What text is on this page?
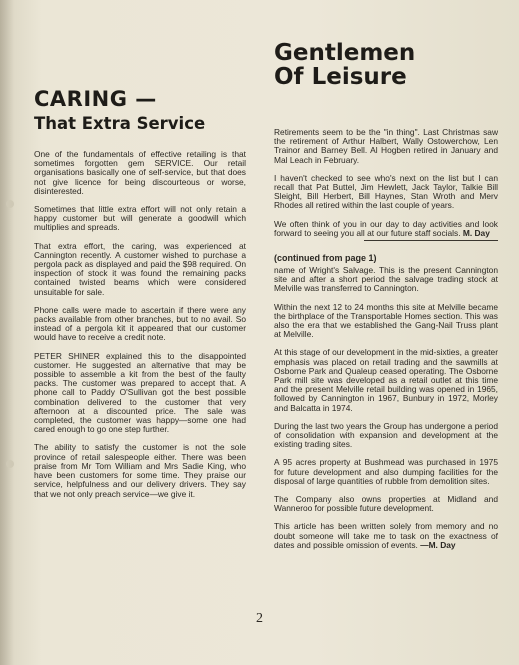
CARING —
That Extra Service

One of the fundamentals of effective retailing is that sometimes forgotten gem SERVICE. Our retail organisations basically one of self-service, but that does not give licence for being discourteous or worse, disinterested.

Sometimes that little extra effort will not only retain a happy customer but will generate a goodwill which multiplies and spreads.

That extra effort, the caring, was experienced at Cannington recently. A customer wished to purchase a pergola pack as displayed and paid the $98 required. On inspection of stock it was found the remaining packs contained twisted beams which were considered unsuitable for sale.

Phone calls were made to ascertain if there were any packs available from other branches, but to no avail. So instead of a pergola kit it appeared that our customer would have to receive a credit note.

PETER SHINER explained this to the disappointed customer. He suggested an alternative that may be possible to assemble a kit from the best of the faulty packs. The customer was prepared to accept that. A phone call to Paddy O'Sullivan got the best possible combination delivered to the customer that very afternoon at a discounted price. The sale was completed, the customer was happy—some one had cared enough to go one step further.

The ability to satisfy the customer is not the sole province of retail salespeople either. There was been praise from Mr Tom William and Mrs Sadie King, who have been customers for some time. They praise our service, helpfulness and our delivery drivers. They say that we not only preach service—we give it.

Gentlemen
Of Leisure

Retirements seem to be the "in thing". Last Christmas saw the retirement of Arthur Halbert, Wally Ostowerchow, Len Trainor and Barney Bell. Al Hogben retired in January and Mal Leach in February.

I haven't checked to see who's next on the list but I can recall that Pat Buttel, Jim Hewlett, Jack Taylor, Talkie Bill Sleight, Bill Herbert, Bill Haynes, Stan Wroth and Merv Rhodes all retired within the last couple of years.

We often think of you in our day to day activities and look forward to seeing you all at our future staff socials. M. Day

(continued from page 1)

name of Wright's Salvage. This is the present Cannington site and after a short period the salvage trading stock at Melville was transferred to Cannington.

Within the next 12 to 24 months this site at Melville became the birthplace of the Transportable Homes section. This was also the era that we established the Gang-Nail Truss plant at Melville.

At this stage of our development in the mid-sixties, a greater emphasis was placed on retail trading and the sawmills at Osborne Park and Qualeup ceased operating. The Osborne Park mill site was developed as a retail outlet at this time and the present Melville retail building was opened in 1965, followed by Cannington in 1967, Bunbury in 1972, Morley and Balcatta in 1974.

During the last two years the Group has undergone a period of consolidation with expansion and development at the existing trading sites.

A 95 acres property at Bushmead was purchased in 1975 for future development and also dumping facilities for the disposal of large quantities of rubble from demolition sites.

The Company also owns properties at Midland and Wanneroo for possible future development.

This article has been written solely from memory and no doubt someone will take me to task on the exactness of dates and possible omission of events. —M. Day

2
